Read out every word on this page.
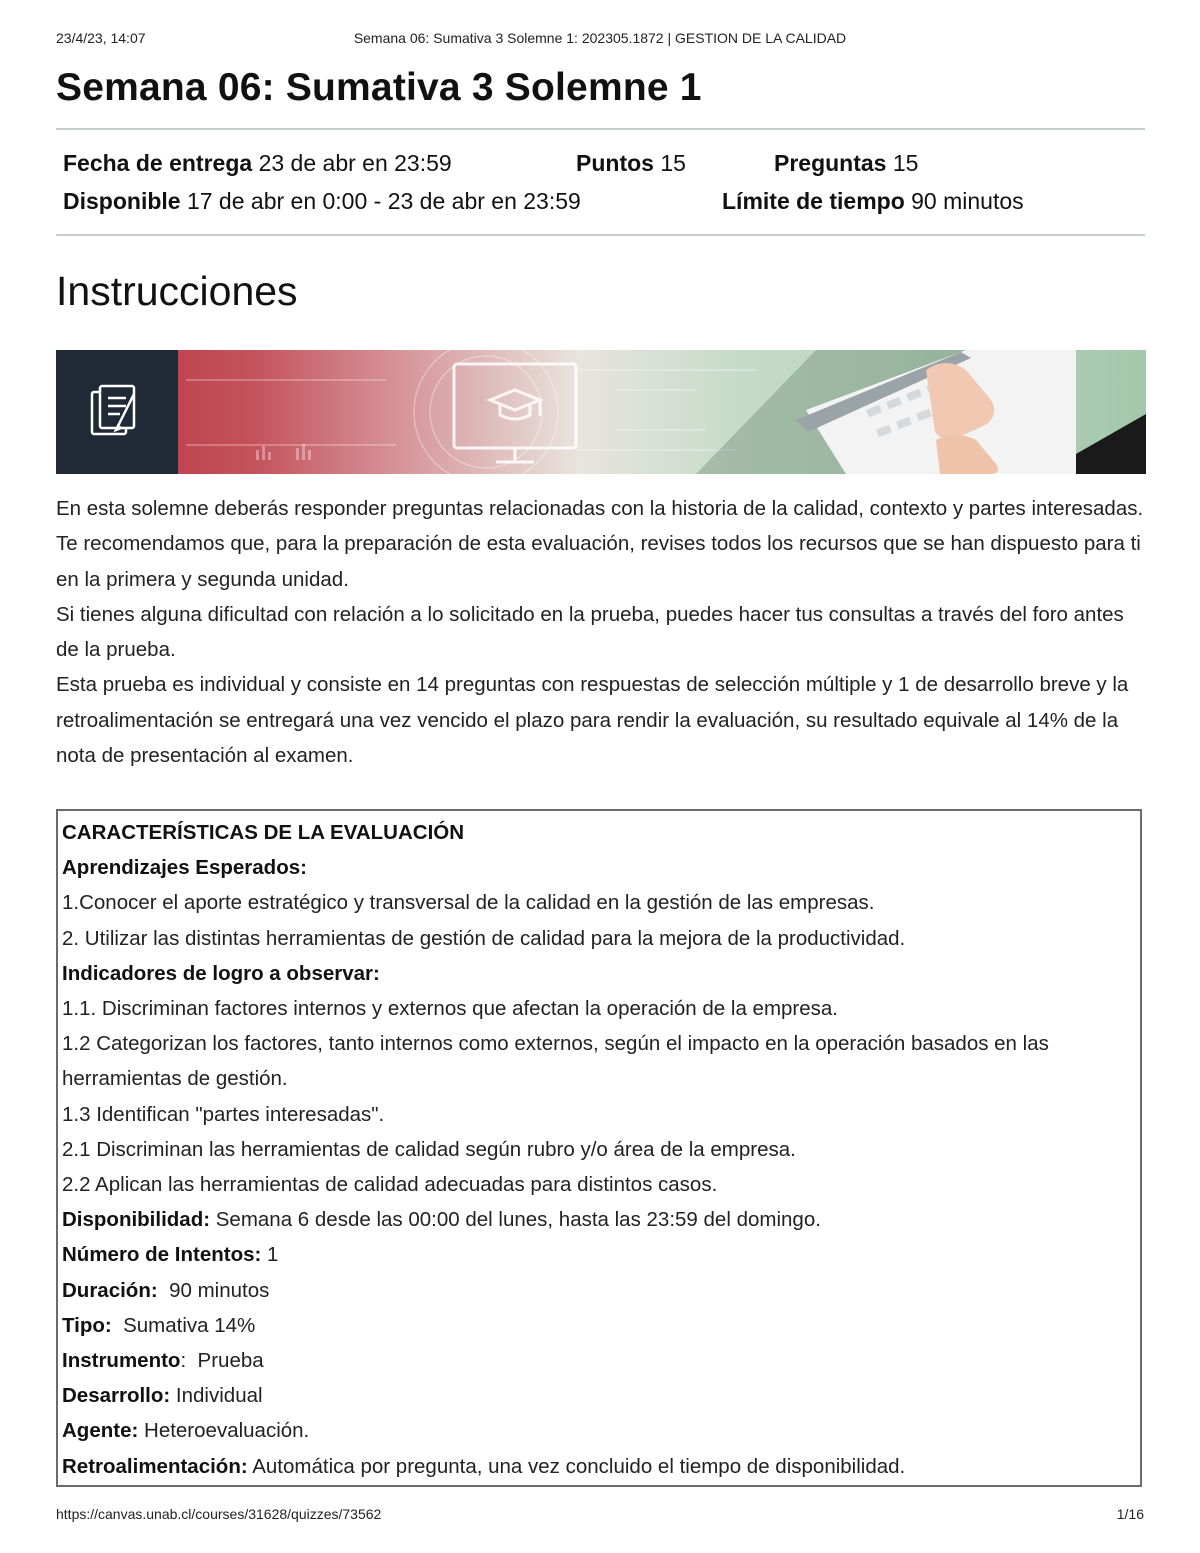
23/4/23, 14:07	Semana 06: Sumativa 3 Solemne 1: 202305.1872 | GESTION DE LA CALIDAD
Semana 06: Sumativa 3 Solemne 1
Fecha de entrega 23 de abr en 23:59	Puntos 15	Preguntas 15
Disponible 17 de abr en 0:00 - 23 de abr en 23:59	Límite de tiempo 90 minutos
Instrucciones

En esta solemne deberás responder preguntas relacionadas con la historia de la calidad, contexto y partes interesadas.

Te recomendamos que, para la preparación de esta evaluación, revises todos los recursos que se han dispuesto para ti en la primera y segunda unidad.

Si tienes alguna dificultad con relación a lo solicitado en la prueba, puedes hacer tus consultas a través del foro antes de la prueba.

Esta prueba es individual y consiste en 14 preguntas con respuestas de selección múltiple y 1 de desarrollo breve y la retroalimentación se entregará una vez vencido el plazo para rendir la evaluación, su resultado equivale al 14% de la nota de presentación al examen.

CARACTERÍSTICAS DE LA EVALUACIÓN

Aprendizajes Esperados:

1.Conocer el aporte estratégico y transversal de la calidad en la gestión de las empresas.

2. Utilizar las distintas herramientas de gestión de calidad para la mejora de la productividad.

Indicadores de logro a observar:

1.1. Discriminan factores internos y externos que afectan la operación de la empresa.

1.2 Categorizan los factores, tanto internos como externos, según el impacto en la operación basados en las herramientas de gestión.

1.3 Identifican "partes interesadas".

2.1 Discriminan las herramientas de calidad según rubro y/o área de la empresa.

2.2 Aplican las herramientas de calidad adecuadas para distintos casos.

Disponibilidad: Semana 6 desde las 00:00 del lunes, hasta las 23:59 del domingo.

Número de Intentos: 1

Duración:  90 minutos

Tipo:  Sumativa 14%

Instrumento:  Prueba

Desarrollo: Individual

Agente: Heteroevaluación.

Retroalimentación: Automática por pregunta, una vez concluido el tiempo de disponibilidad.

https://canvas.unab.cl/courses/31628/quizzes/73562	1/16
